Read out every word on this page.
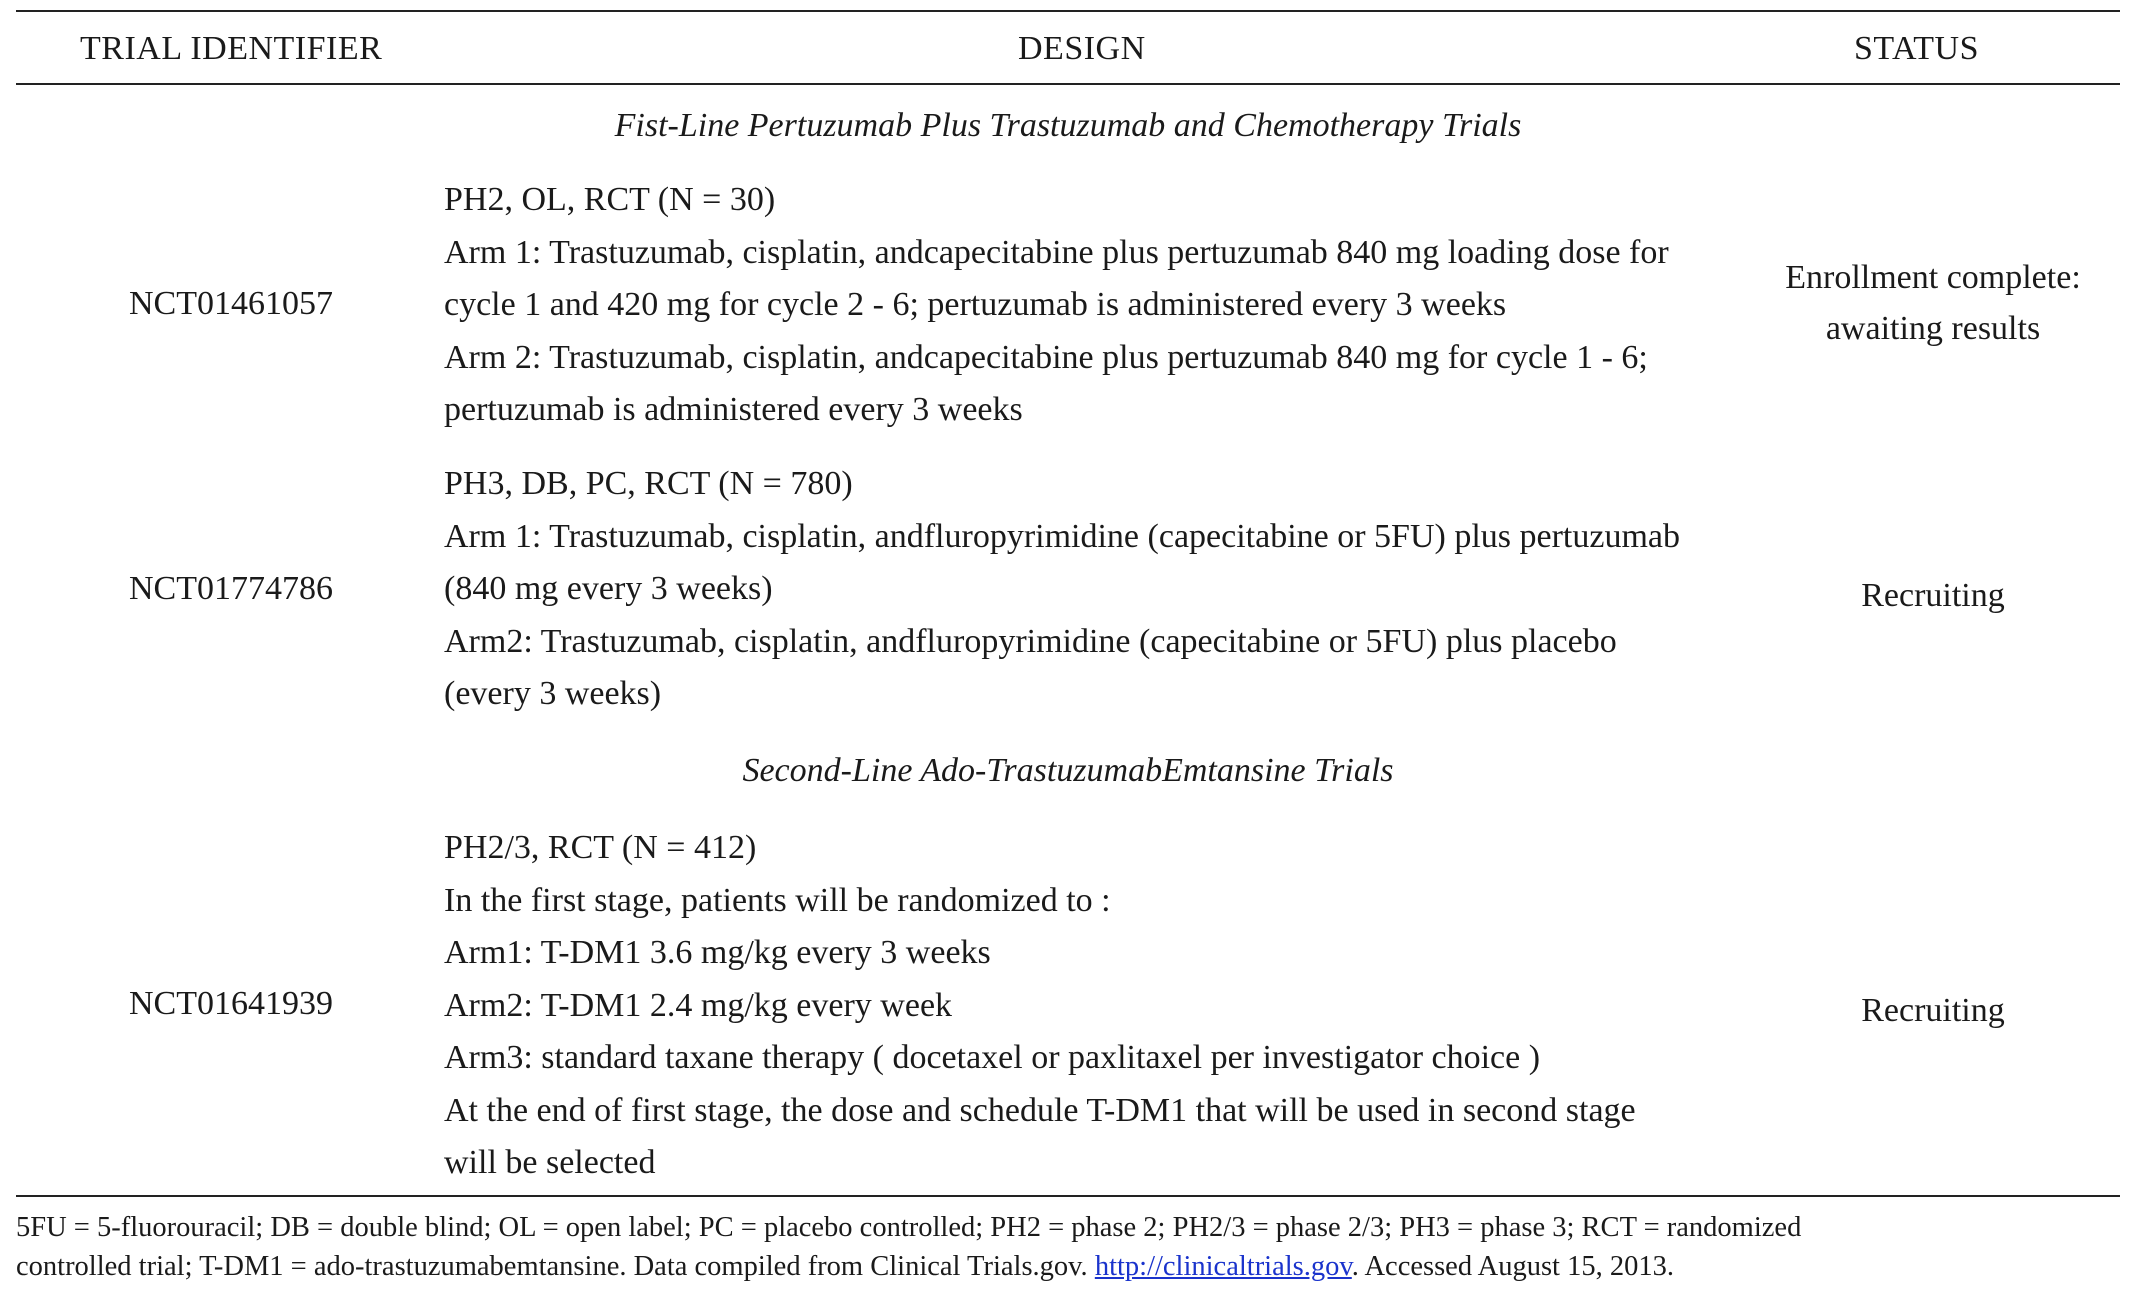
TRIAL IDENTIFIER	DESIGN	STATUS
Fist-Line Pertuzumab Plus Trastuzumab and Chemotherapy Trials
NCT01461057
PH2, OL, RCT (N = 30)
Arm 1: Trastuzumab, cisplatin, andcapecitabine plus pertuzumab 840 mg loading dose for
cycle 1 and 420 mg for cycle 2 - 6; pertuzumab is administered every 3 weeks
Arm 2: Trastuzumab, cisplatin, andcapecitabine plus pertuzumab 840 mg for cycle 1 - 6;
pertuzumab is administered every 3 weeks
Enrollment complete:
awaiting results
NCT01774786
PH3, DB, PC, RCT (N = 780)
Arm 1: Trastuzumab, cisplatin, andfluropyrimidine (capecitabine or 5FU) plus pertuzumab
(840 mg every 3 weeks)
Arm2: Trastuzumab, cisplatin, andfluropyrimidine (capecitabine or 5FU) plus placebo
(every 3 weeks)
Recruiting
Second-Line Ado-TrastuzumabEmtansine Trials
NCT01641939
PH2/3, RCT (N = 412)
In the first stage, patients will be randomized to :
Arm1: T-DM1 3.6 mg/kg every 3 weeks
Arm2: T-DM1 2.4 mg/kg every week
Arm3: standard taxane therapy ( docetaxel or paxlitaxel per investigator choice )
At the end of first stage, the dose and schedule T-DM1 that will be used in second stage
will be selected
Recruiting
5FU = 5-fluorouracil; DB = double blind; OL = open label; PC = placebo controlled; PH2 = phase 2; PH2/3 = phase 2/3; PH3 = phase 3; RCT = randomized
controlled trial; T-DM1 = ado-trastuzumabemtansine. Data compiled from Clinical Trials.gov. http://clinicaltrials.gov. Accessed August 15, 2013.
